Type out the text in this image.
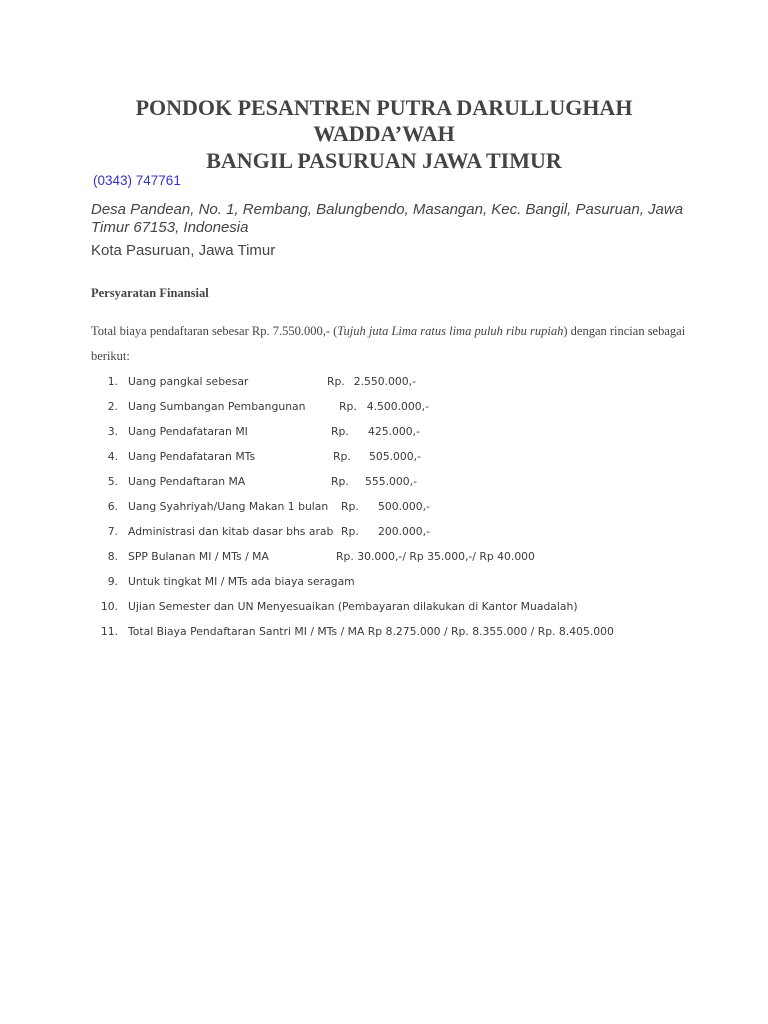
PONDOK PESANTREN PUTRA DARULLUGHAH
WADDA’WAH
BANGIL PASURUAN JAWA TIMUR
(0343) 747761
Desa Pandean, No. 1, Rembang, Balungbendo, Masangan, Kec. Bangil, Pasuruan, Jawa Timur 67153, Indonesia
Kota Pasuruan, Jawa Timur
Persyaratan Finansial
Total biaya pendaftaran sebesar Rp. 7.550.000,- (Tujuh juta Lima ratus lima puluh ribu rupiah) dengan rincian sebagai berikut:
1. Uang pangkal sebesar	Rp. 2.550.000,-
2. Uang Sumbangan Pembangunan	Rp. 4.500.000,-
3. Uang Pendafataran MI	Rp.	425.000,-
4. Uang Pendafataran MTs	Rp.	505.000,-
5. Uang Pendaftaran MA	Rp.	555.000,-
6. Uang Syahriyah/Uang Makan 1 bulan Rp.	500.000,-
7. Administrasi dan kitab dasar bhs arab Rp.	200.000,-
8. SPP Bulanan MI / MTs / MA	Rp. 30.000,-/ Rp 35.000,-/ Rp 40.000
9. Untuk tingkat MI / MTs ada biaya seragam
10. Ujian Semester dan UN Menyesuaikan (Pembayaran dilakukan di Kantor Muadalah)
11. Total Biaya Pendaftaran Santri MI / MTs / MA Rp 8.275.000 / Rp. 8.355.000 / Rp. 8.405.000
